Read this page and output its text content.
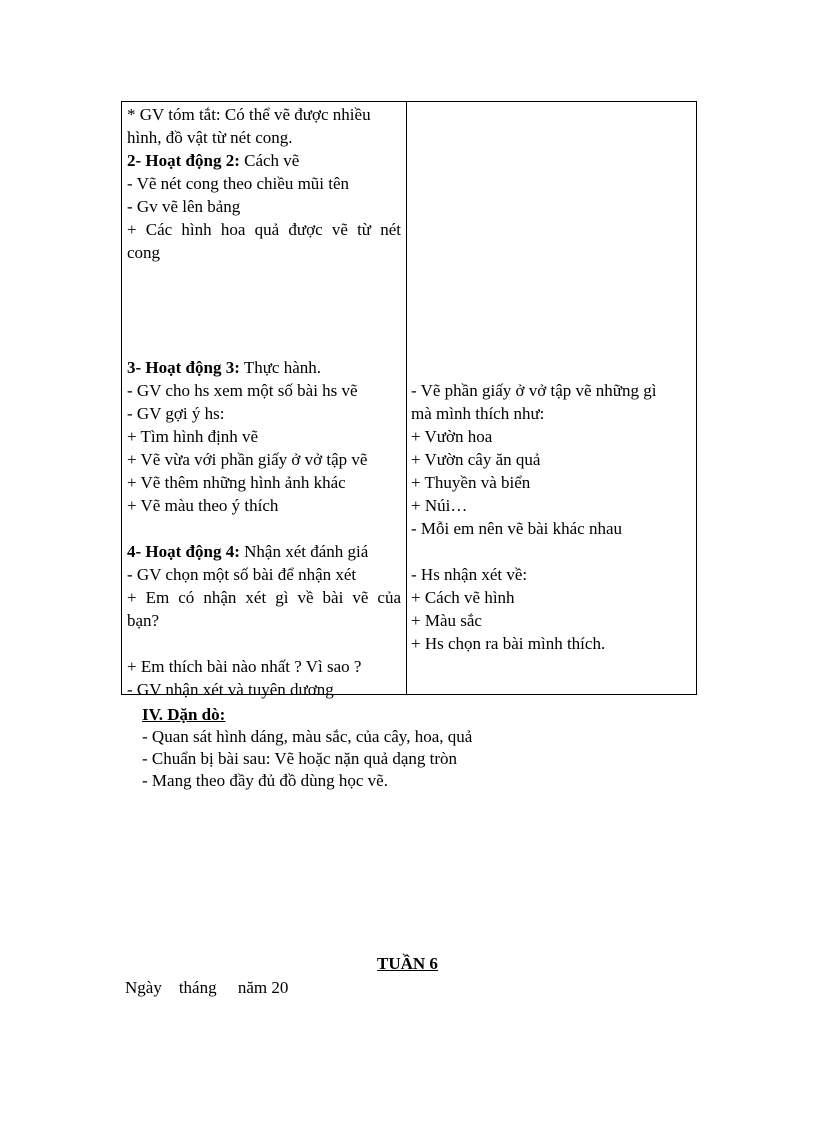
* GV tóm tắt: Có thể vẽ được nhiều
hình, đồ vật từ nét cong.
2- Hoạt động 2: Cách vẽ
- Vẽ nét cong theo chiều mũi tên
- Gv vẽ lên bảng
+ Các hình hoa quả được vẽ từ nét
cong
3- Hoạt động 3: Thực hành.
- GV cho hs xem một số bài hs vẽ
- GV gợi ý hs:
+ Tìm hình định vẽ
+ Vẽ vừa với phần giấy ở vở tập vẽ
+ Vẽ thêm những hình ảnh khác
+ Vẽ màu theo ý thích
4- Hoạt động 4: Nhận xét đánh giá
- GV chọn một số bài để nhận xét
+ Em có nhận xét gì về bài vẽ của
bạn?
+ Em thích bài nào nhất ? Vì sao ?
- GV nhận xét và tuyên dương
- Vẽ phần giấy ở vở tập vẽ những gì
mà mình thích như:
+ Vườn hoa
+ Vườn cây ăn quả
+ Thuyền và biển
+ Núi…
- Mỗi em nên vẽ bài khác nhau
- Hs nhận xét về:
+ Cách vẽ hình
+ Màu sắc
+ Hs chọn ra bài mình thích.
IV. Dặn dò:
- Quan sát hình dáng, màu sắc, của cây, hoa, quả
- Chuẩn bị bài sau: Vẽ hoặc nặn quả dạng tròn
- Mang theo đầy đủ đồ dùng học vẽ.
TUẦN 6
Ngày tháng năm 20
